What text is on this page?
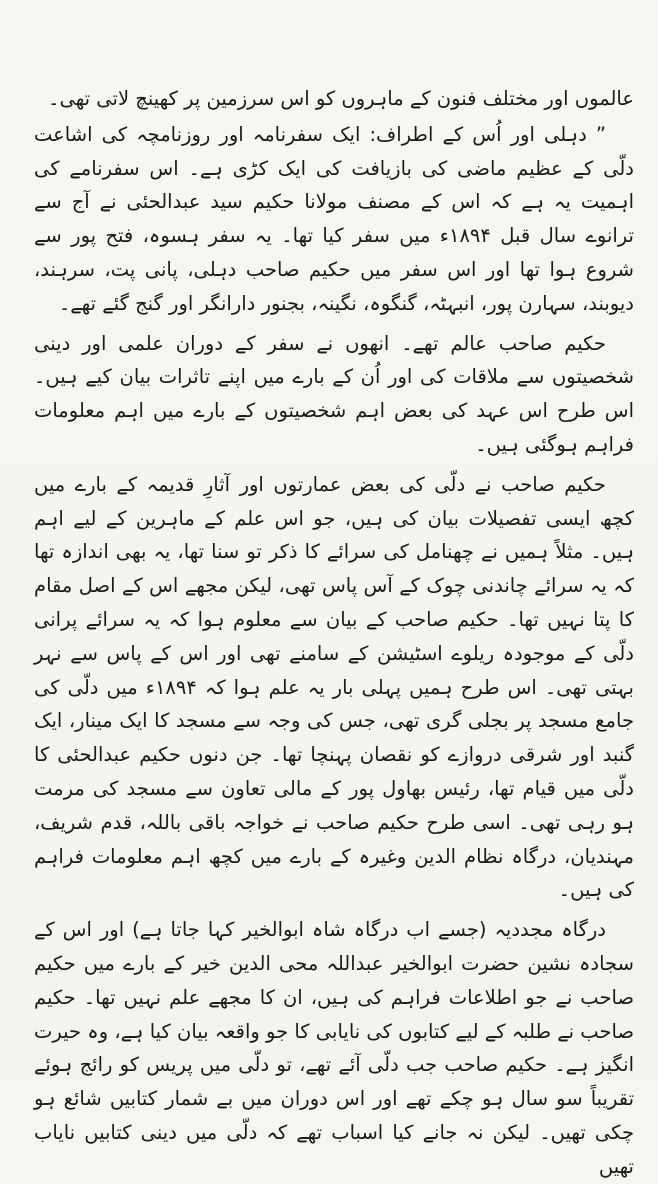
عالموں اور مختلف فنون کے ماہروں کو اس سرزمین پر کھینچ لاتی تھی۔

” دہلی اور اُس کے اطراف: ایک سفرنامہ اور روزنامچہ کی اشاعت دلّی کے عظیم ماضی کی بازیافت کی ایک کڑی ہے۔ اس سفرنامے کی اہمیت یہ ہے کہ اس کے مصنف مولانا حکیم سید عبدالحئی نے آج سے ترانوے سال قبل ۱۸۹۴ء میں سفر کیا تھا۔ یہ سفر ہسوہ، فتح پور سے شروع ہوا تھا اور اس سفر میں حکیم صاحب دہلی، پانی پت، سرہند، دیوبند، سہارن پور، انبہٹہ، گنگوہ، نگینہ، بجنور دارانگر اور گنج گئے تھے۔

حکیم صاحب عالم تھے۔ انھوں نے سفر کے دوران علمی اور دینی شخصیتوں سے ملاقات کی اور اُن کے بارے میں اپنے تاثرات بیان کیے ہیں۔ اس طرح اس عہد کی بعض اہم شخصیتوں کے بارے میں اہم معلومات فراہم ہوگئی ہیں۔

حکیم صاحب نے دلّی کی بعض عمارتوں اور آثارِ قدیمہ کے بارے میں کچھ ایسی تفصیلات بیان کی ہیں، جو اس علم کے ماہرین کے لیے اہم ہیں۔ مثلاً ہمیں نے چھنامل کی سرائے کا ذکر تو سنا تھا، یہ بھی اندازہ تھا کہ یہ سرائے چاندنی چوک کے آس پاس تھی، لیکن مجھے اس کے اصل مقام کا پتا نہیں تھا۔ حکیم صاحب کے بیان سے معلوم ہوا کہ یہ سرائے پرانی دلّی کے موجودہ ریلوے اسٹیشن کے سامنے تھی اور اس کے پاس سے نہر بہتی تھی۔ اس طرح ہمیں پہلی بار یہ علم ہوا کہ ۱۸۹۴ء میں دلّی کی جامع مسجد پر بجلی گری تھی، جس کی وجہ سے مسجد کا ایک مینار، ایک گنبد اور شرقی دروازے کو نقصان پہنچا تھا۔ جن دنوں حکیم عبدالحئی کا دلّی میں قیام تھا، رئیس بھاول پور کے مالی تعاون سے مسجد کی مرمت ہو رہی تھی۔ اسی طرح حکیم صاحب نے خواجہ باقی باللہ، قدم شریف، مہندیان، درگاہ نظام الدین وغیرہ کے بارے میں کچھ اہم معلومات فراہم کی ہیں۔

درگاہ مجددیہ (جسے اب درگاہ شاہ ابوالخیر کہا جاتا ہے) اور اس کے سجادہ نشین حضرت ابوالخیر عبداللہ محی الدین خیر کے بارے میں حکیم صاحب نے جو اطلاعات فراہم کی ہیں، ان کا مجھے علم نہیں تھا۔ حکیم صاحب نے طلبہ کے لیے کتابوں کی نایابی کا جو واقعہ بیان کیا ہے، وہ حیرت انگیز ہے۔ حکیم صاحب جب دلّی آئے تھے، تو دلّی میں پریس کو رائج ہوئے تقریباً سو سال ہو چکے تھے اور اس دوران میں بے شمار کتابیں شائع ہو چکی تھیں۔ لیکن نہ جانے کیا اسباب تھے کہ دلّی میں دینی کتابیں نایاب تھیں
